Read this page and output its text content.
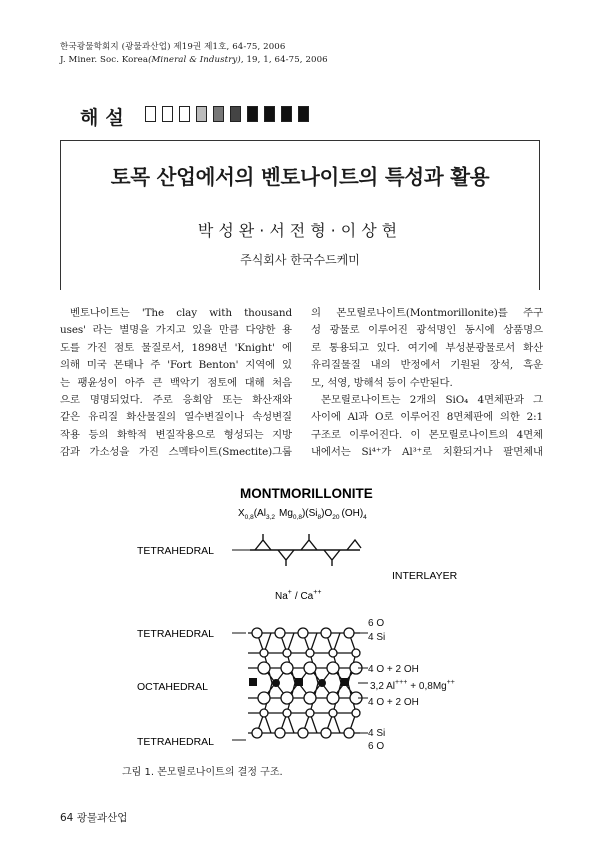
한국광물학회지 (광물과산업) 제19권 제1호, 64-75, 2006
J. Miner. Soc. Korea(Mineral & Industry), 19, 1, 64-75, 2006
해설
토목 산업에서의 벤토나이트의 특성과 활용
박성완·서전형·이상현
주식회사 한국수드케미
벤토나이트는 'The clay with thousand
uses' 라는 별명을 가지고 있을 만큼 다양한 용
도를 가진 점토 물질로서, 1898년 'Knight' 에
의해 미국 몬태나 주 'Fort Benton' 지역에 있
는 팽윤성이 아주 큰 백악기 점토에 대해 처음
으로 명명되었다. 주로 응회암 또는 화산재와
같은 유리질 화산물질의 열수변질이나 속성변질
작용 등의 화학적 변질작용으로 형성되는 지방
감과 가소성을 가진 스멕타이트(Smectite)그룹
의 몬모릴로나이트(Montmorillonite)를 주구
성 광물로 이루어진 광석명인 동시에 상품명으
로 통용되고 있다. 여기에 부성분광물로서 화산
유리질물질 내의 반정에서 기원된 장석, 흑운
모, 석영, 방해석 등이 수반된다.
몬모릴로나이트는 2개의 SiO₄ 4면체판과 그
사이에 Al과 O로 이루어진 8면체판에 의한 2:1
구조로 이루어진다. 이 몬모릴로나이트의 4면체
내에서는 Si⁴⁺가 Al³⁺로 치환되거나 팔면체내
MONTMORILLONITE
$X_{0,8}(Al_{3,2}$ $Mg_{0,8})(Si_8)O_{20}$ $(OH)_4$
TETRAHEDRAL
INTERLAYER
Na+ / Ca++
TETRAHEDRAL
OCTAHEDRAL
TETRAHEDRAL
6 O
4 Si
4 O + 2 OH
3,2 Al+++ + 0,8Mg++
4 O + 2 OH
4 Si
6 O
그림 1. 몬모릴로나이트의 결정 구조.
64 광물과산업
